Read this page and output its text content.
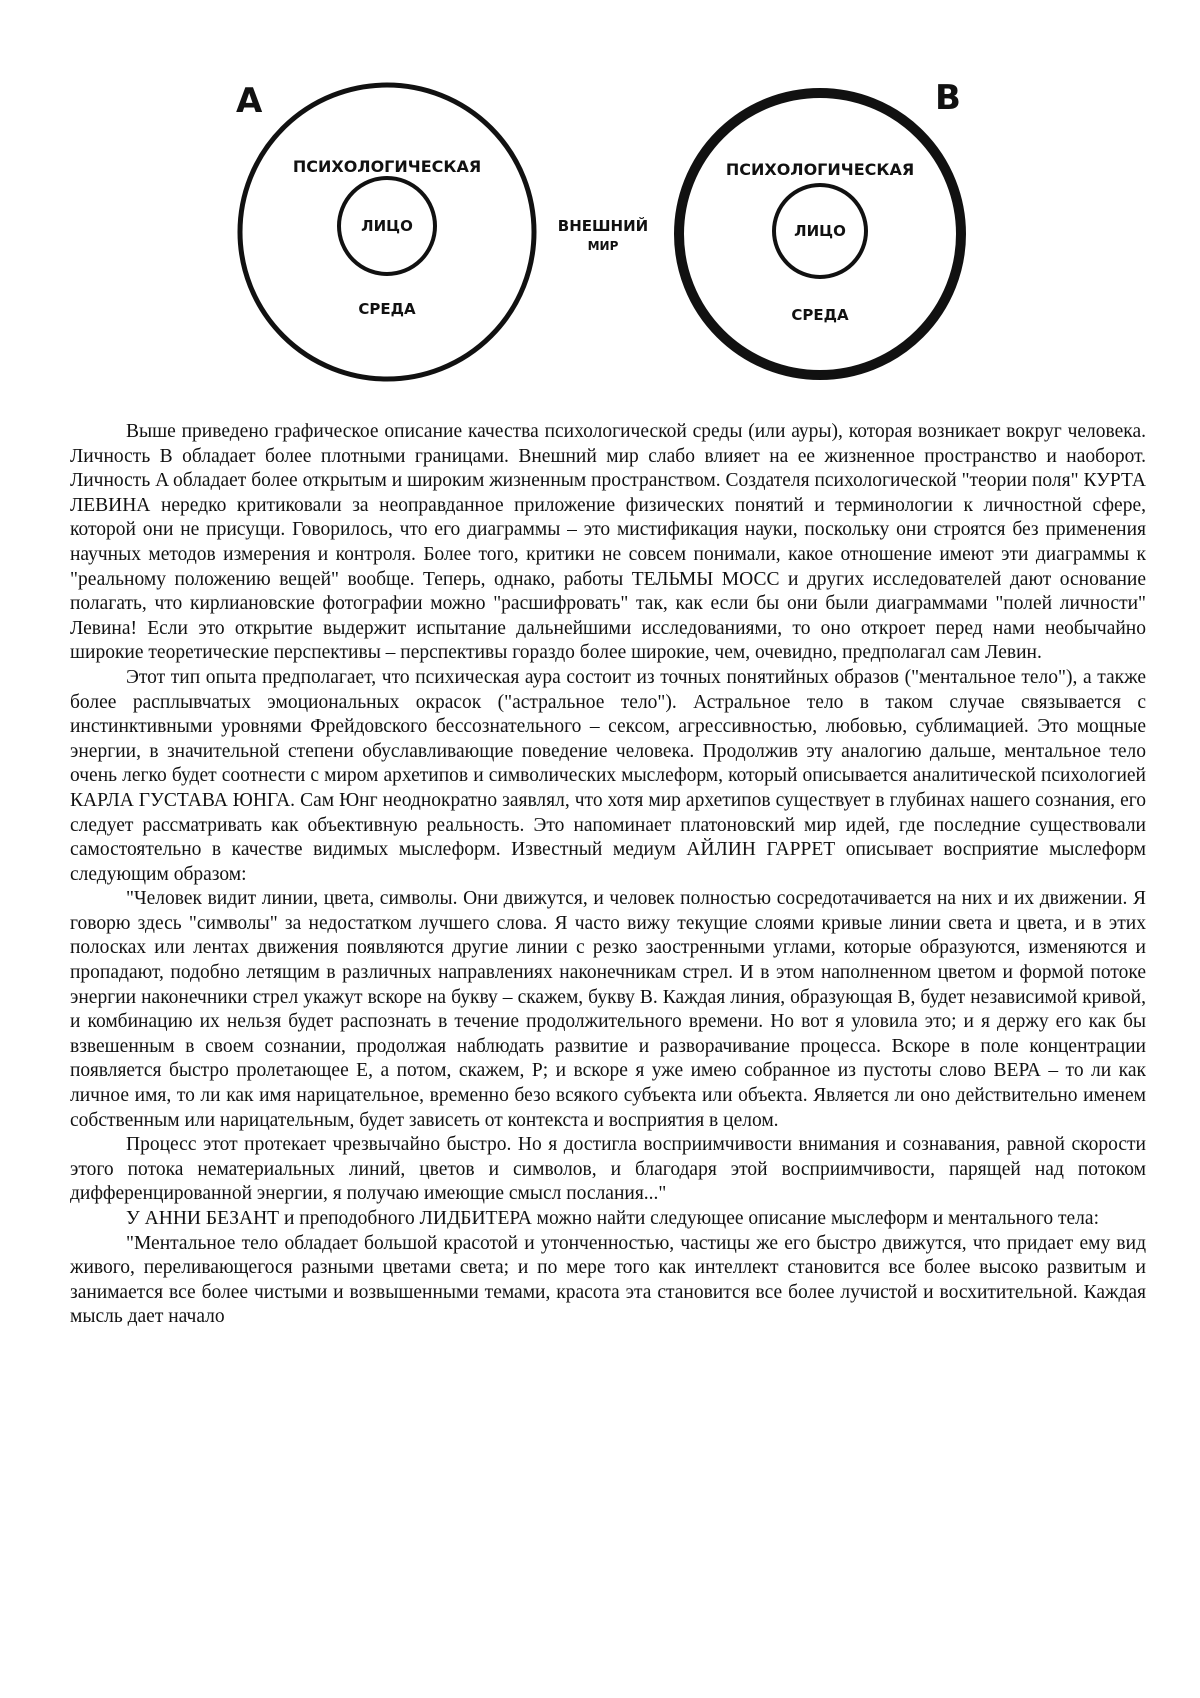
A
ПСИХОЛОГИЧЕСКАЯ
ЛИЦО
СРЕДА
ВНЕШНИЙ
МИР
B
ПСИХОЛОГИЧЕСКАЯ
ЛИЦО
СРЕДА

Выше приведено графическое описание качества психологической среды (или ауры), которая возникает вокруг человека. Личность B обладает более плотными границами. Внешний мир слабо влияет на ее жизненное пространство и наоборот. Личность A обладает более открытым и широким жизненным пространством. Создателя психологической "теории поля" КУРТА ЛЕВИНА нередко критиковали за неоправданное приложение физических понятий и терминологии к личностной сфере, которой они не присущи. Говорилось, что его диаграммы – это мистификация науки, поскольку они строятся без применения научных методов измерения и контроля. Более того, критики не совсем понимали, какое отношение имеют эти диаграммы к "реальному положению вещей" вообще. Теперь, однако, работы ТЕЛЬМЫ МОСС и других исследователей дают основание полагать, что кирлиановские фотографии можно "расшифровать" так, как если бы они были диаграммами "полей личности" Левина! Если это открытие выдержит испытание дальнейшими исследованиями, то оно откроет перед нами необычайно широкие теоретические перспективы – перспективы гораздо более широкие, чем, очевидно, предполагал сам Левин.

Этот тип опыта предполагает, что психическая аура состоит из точных понятийных образов ("ментальное тело"), а также более расплывчатых эмоциональных окрасок ("астральное тело"). Астральное тело в таком случае связывается с инстинктивными уровнями Фрейдовского бессознательного – сексом, агрессивностью, любовью, сублимацией. Это мощные энергии, в значительной степени обуславливающие поведение человека. Продолжив эту аналогию дальше, ментальное тело очень легко будет соотнести с миром архетипов и символических мыслеформ, который описывается аналитической психологией КАРЛА ГУСТАВА ЮНГА. Сам Юнг неоднократно заявлял, что хотя мир архетипов существует в глубинах нашего сознания, его следует рассматривать как объективную реальность. Это напоминает платоновский мир идей, где последние существовали самостоятельно в качестве видимых мыслеформ. Известный медиум АЙЛИН ГАРРЕТ описывает восприятие мыслеформ следующим образом:

"Человек видит линии, цвета, символы. Они движутся, и человек полностью сосредотачивается на них и их движении. Я говорю здесь "символы" за недостатком лучшего слова. Я часто вижу текущие слоями кривые линии света и цвета, и в этих полосках или лентах движения появляются другие линии с резко заостренными углами, которые образуются, изменяются и пропадают, подобно летящим в различных направлениях наконечникам стрел. И в этом наполненном цветом и формой потоке энергии наконечники стрел укажут вскоре на букву – скажем, букву B. Каждая линия, образующая B, будет независимой кривой, и комбинацию их нельзя будет распознать в течение продолжительного времени. Но вот я уловила это; и я держу его как бы взвешенным в своем сознании, продолжая наблюдать развитие и разворачивание процесса. Вскоре в поле концентрации появляется быстро пролетающее E, а потом, скажем, P; и вскоре я уже имею собранное из пустоты слово ВЕРА – то ли как личное имя, то ли как имя нарицательное, временно безо всякого субъекта или объекта. Является ли оно действительно именем собственным или нарицательным, будет зависеть от контекста и восприятия в целом.

Процесс этот протекает чрезвычайно быстро. Но я достигла восприимчивости внимания и сознавания, равной скорости этого потока нематериальных линий, цветов и символов, и благодаря этой восприимчивости, парящей над потоком дифференцированной энергии, я получаю имеющие смысл послания..."

У АННИ БЕЗАНТ и преподобного ЛИДБИТЕРА можно найти следующее описание мыслеформ и ментального тела:

"Ментальное тело обладает большой красотой и утонченностью, частицы же его быстро движутся, что придает ему вид живого, переливающегося разными цветами света; и по мере того как интеллект становится все более высоко развитым и занимается все более чистыми и возвышенными темами, красота эта становится все более лучистой и восхитительной. Каждая мысль дает начало
